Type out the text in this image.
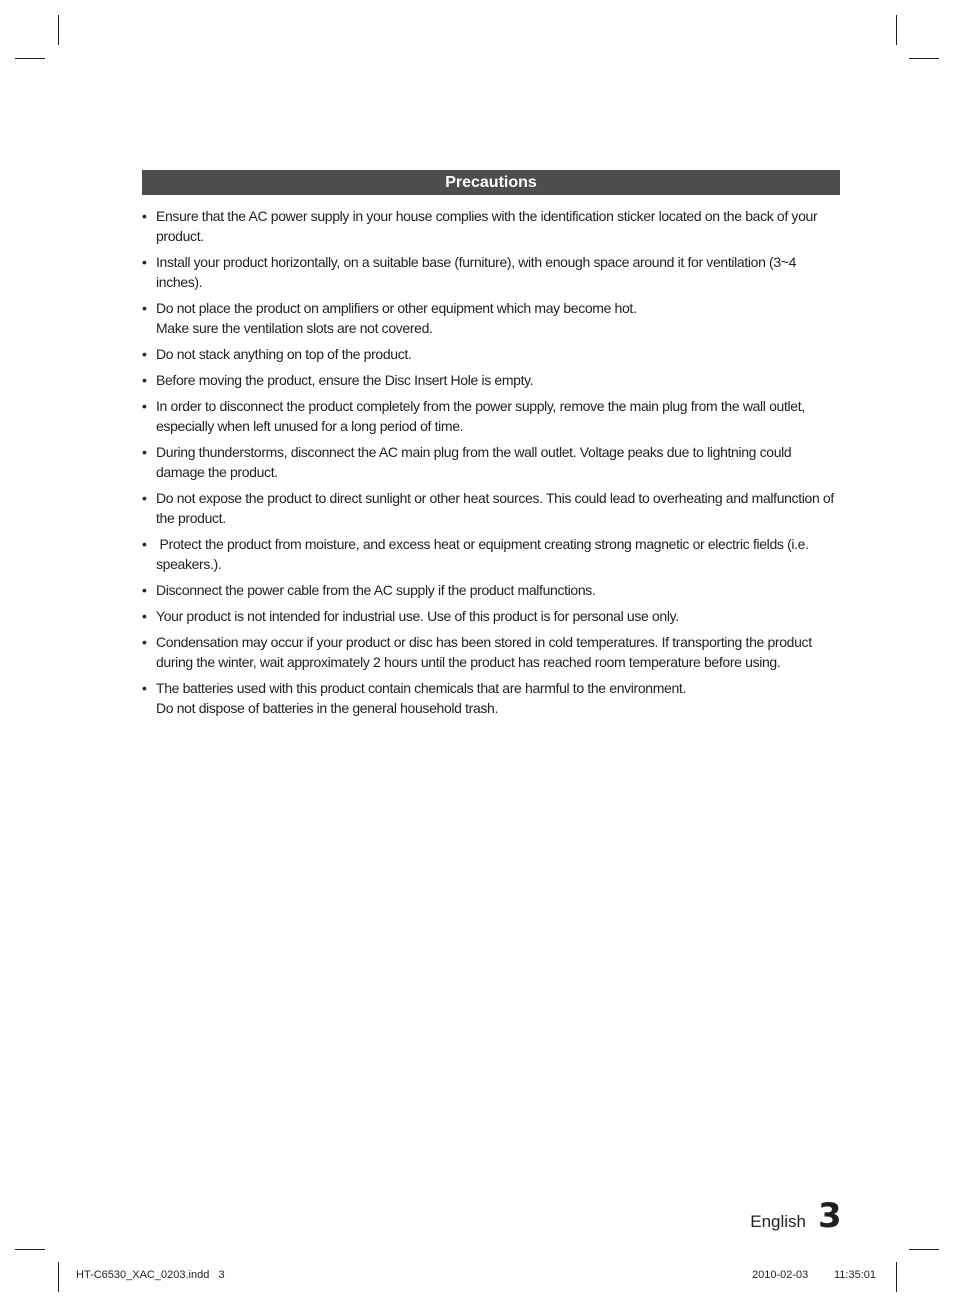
Precautions
• Ensure that the AC power supply in your house complies with the identification sticker located on the back of your product.
• Install your product horizontally, on a suitable base (furniture), with enough space around it for ventilation (3~4 inches).
• Do not place the product on amplifiers or other equipment which may become hot.
Make sure the ventilation slots are not covered.
• Do not stack anything on top of the product.
• Before moving the product, ensure the Disc Insert Hole is empty.
• In order to disconnect the product completely from the power supply, remove the main plug from the wall outlet, especially when left unused for a long period of time.
• During thunderstorms, disconnect the AC main plug from the wall outlet. Voltage peaks due to lightning could damage the product.
• Do not expose the product to direct sunlight or other heat sources. This could lead to overheating and malfunction of the product.
• Protect the product from moisture, and excess heat or equipment creating strong magnetic or electric fields (i.e. speakers.).
• Disconnect the power cable from the AC supply if the product malfunctions.
• Your product is not intended for industrial use. Use of this product is for personal use only.
• Condensation may occur if your product or disc has been stored in cold temperatures. If transporting the product during the winter, wait approximately 2 hours until the product has reached room temperature before using.
• The batteries used with this product contain chemicals that are harmful to the environment.
Do not dispose of batteries in the general household trash.
English 3
HT-C6530_XAC_0203.indd   3	2010-02-03 11:35:01
